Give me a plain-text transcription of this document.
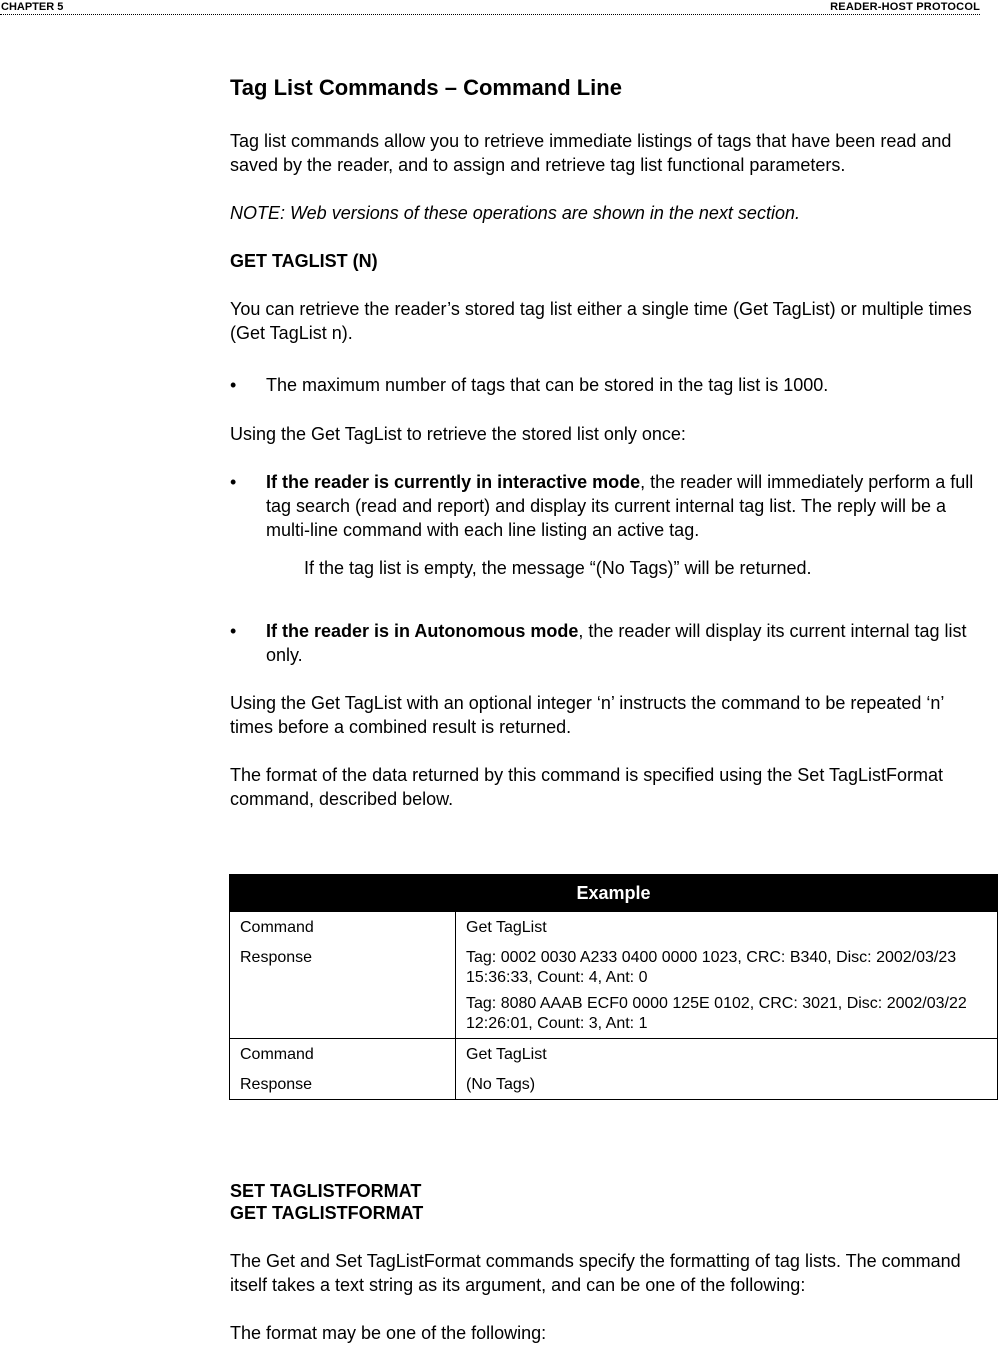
CHAPTER 5	READER-HOST PROTOCOL
Tag List Commands – Command Line

Tag list commands allow you to retrieve immediate listings of tags that have been read and saved by the reader, and to assign and retrieve tag list functional parameters.

NOTE: Web versions of these operations are shown in the next section.

GET TAGLIST (N)

You can retrieve the reader’s stored tag list either a single time (Get TagList) or multiple times (Get TagList n).

•	The maximum number of tags that can be stored in the tag list is 1000.

Using the Get TagList to retrieve the stored list only once:

•	If the reader is currently in interactive mode, the reader will immediately perform a full tag search (read and report) and display its current internal tag list. The reply will be a multi-line command with each line listing an active tag.
If the tag list is empty, the message “(No Tags)” will be returned.
•	If the reader is in Autonomous mode, the reader will display its current internal tag list only.

Using the Get TagList with an optional integer ‘n’ instructs the command to be repeated ‘n’ times before a combined result is returned.

The format of the data returned by this command is specified using the Set TagListFormat command, described below.

Example	

Command	Get TagList

Response	Tag: 0002 0030 A233 0400 0000 1023, CRC: B340, Disc: 2002/03/23 15:36:33, Count: 4, Ant: 0
Tag: 8080 AAAB ECF0 0000 125E 0102, CRC: 3021, Disc: 2002/03/22 12:26:01, Count: 3, Ant: 1

Command	Get TagList

Response	(No Tags)
SET TAGLISTFORMAT
GET TAGLISTFORMAT

The Get and Set TagListFormat commands specify the formatting of tag lists. The command itself takes a text string as its argument, and can be one of the following:

The format may be one of the following:
